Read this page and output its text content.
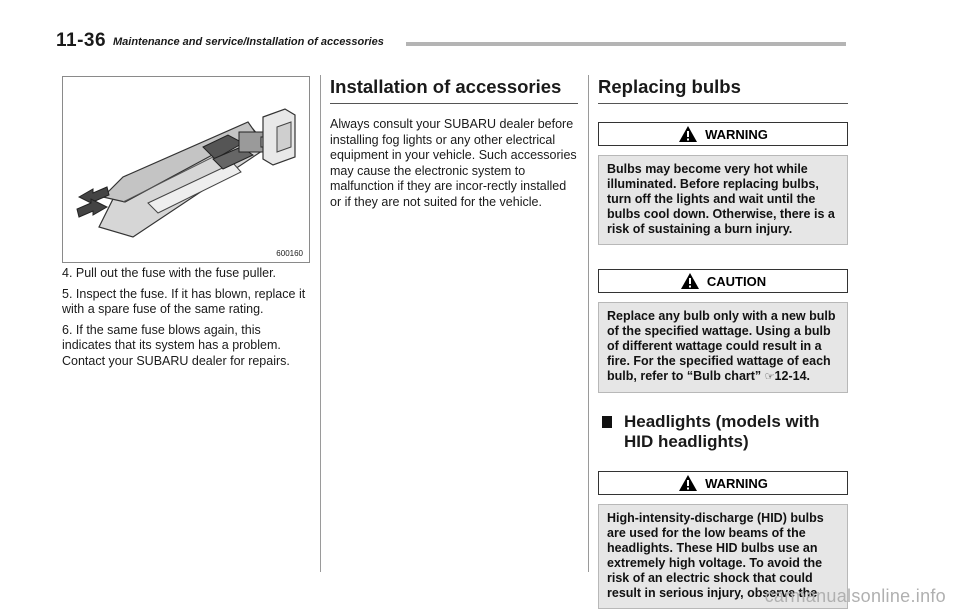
11-36 Maintenance and service/Installation of accessories
600160

4. Pull out the fuse with the fuse puller.

5. Inspect the fuse. If it has blown, replace it with a spare fuse of the same rating.

6. If the same fuse blows again, this indicates that its system has a problem. Contact your SUBARU dealer for repairs.

Installation of accessories

Always consult your SUBARU dealer before installing fog lights or any other electrical equipment in your vehicle. Such accessories may cause the electronic system to malfunction if they are incor-rectly installed or if they are not suited for the vehicle.

Replacing bulbs
WARNING
Bulbs may become very hot while illuminated. Before replacing bulbs, turn off the lights and wait until the bulbs cool down. Otherwise, there is a risk of sustaining a burn injury.
CAUTION
Replace any bulb only with a new bulb of the specified wattage. Using a bulb of different wattage could result in a fire. For the specified wattage of each bulb, refer to “Bulb chart” ☞12-14.
Headlights (models with HID headlights)
WARNING
High-intensity-discharge (HID) bulbs are used for the low beams of the headlights. These HID bulbs use an extremely high voltage. To avoid the risk of an electric shock that could result in serious injury, observe the
carmanualsonline.info
